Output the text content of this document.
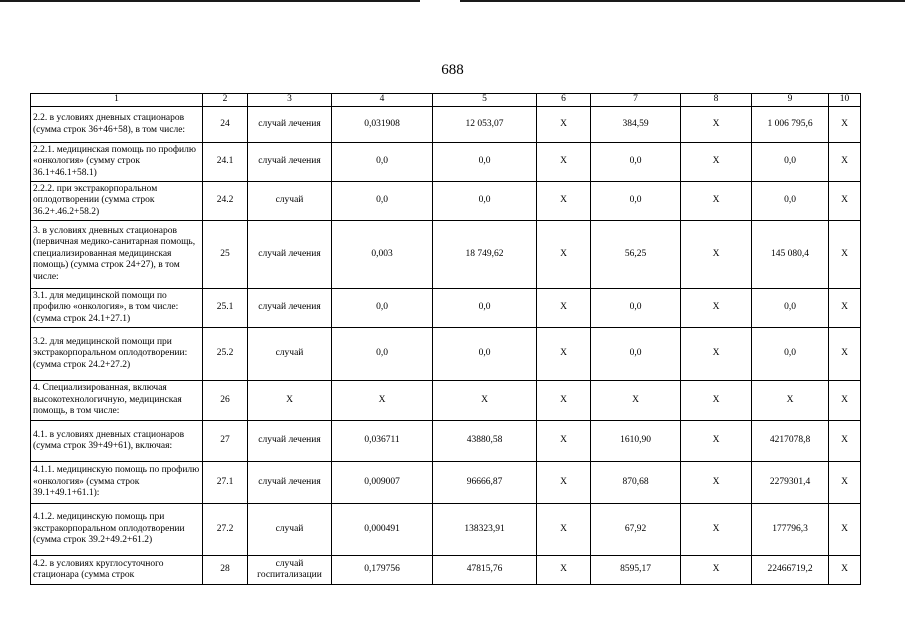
688
1	2	3	4	5	6	7	8	9	10
2.2. в условиях дневных стационаров (сумма строк 36+46+58), в том числе:	24	случай лечения	0,031908	12 053,07	X	384,59	X	1 006 795,6	X
2.2.1. медицинская помощь по профилю «онкология» (сумму строк 36.1+46.1+58.1)	24.1	случай лечения	0,0	0,0	X	0,0	X	0,0	X
2.2.2. при экстракорпоральном оплодотворении (сумма строк 36.2+.46.2+58.2)	24.2	случай	0,0	0,0	X	0,0	X	0,0	X
3. в условиях дневных стационаров (первичная медико-санитарная помощь, специализированная медицинская помощь) (сумма строк 24+27), в том числе:	25	случай лечения	0,003	18 749,62	X	56,25	X	145 080,4	X
3.1. для медицинской помощи по профилю «онкология», в том числе: (сумма строк 24.1+27.1)	25.1	случай лечения	0,0	0,0	X	0,0	X	0,0	X
3.2. для медицинской помощи при экстракорпоральном оплодотворении: (сумма строк 24.2+27.2)	25.2	случай	0,0	0,0	X	0,0	X	0,0	X
4. Специализированная, включая высокотехнологичную, медицинская помощь, в том числе:	26	X	X	X	X	X	X	X	X
4.1. в условиях дневных стационаров (сумма строк 39+49+61), включая:	27	случай лечения	0,036711	43880,58	X	1610,90	X	4217078,8	X
4.1.1. медицинскую помощь по профилю «онкология» (сумма строк 39.1+49.1+61.1):	27.1	случай лечения	0,009007	96666,87	X	870,68	X	2279301,4	X
4.1.2. медицинскую помощь при экстракорпоральном оплодотворении (сумма строк 39.2+49.2+61.2)	27.2	случай	0,000491	138323,91	X	67,92	X	177796,3	X
4.2. в условиях круглосуточного стационара (сумма строк	28	случай госпитализации	0,179756	47815,76	X	8595,17	X	22466719,2	X
